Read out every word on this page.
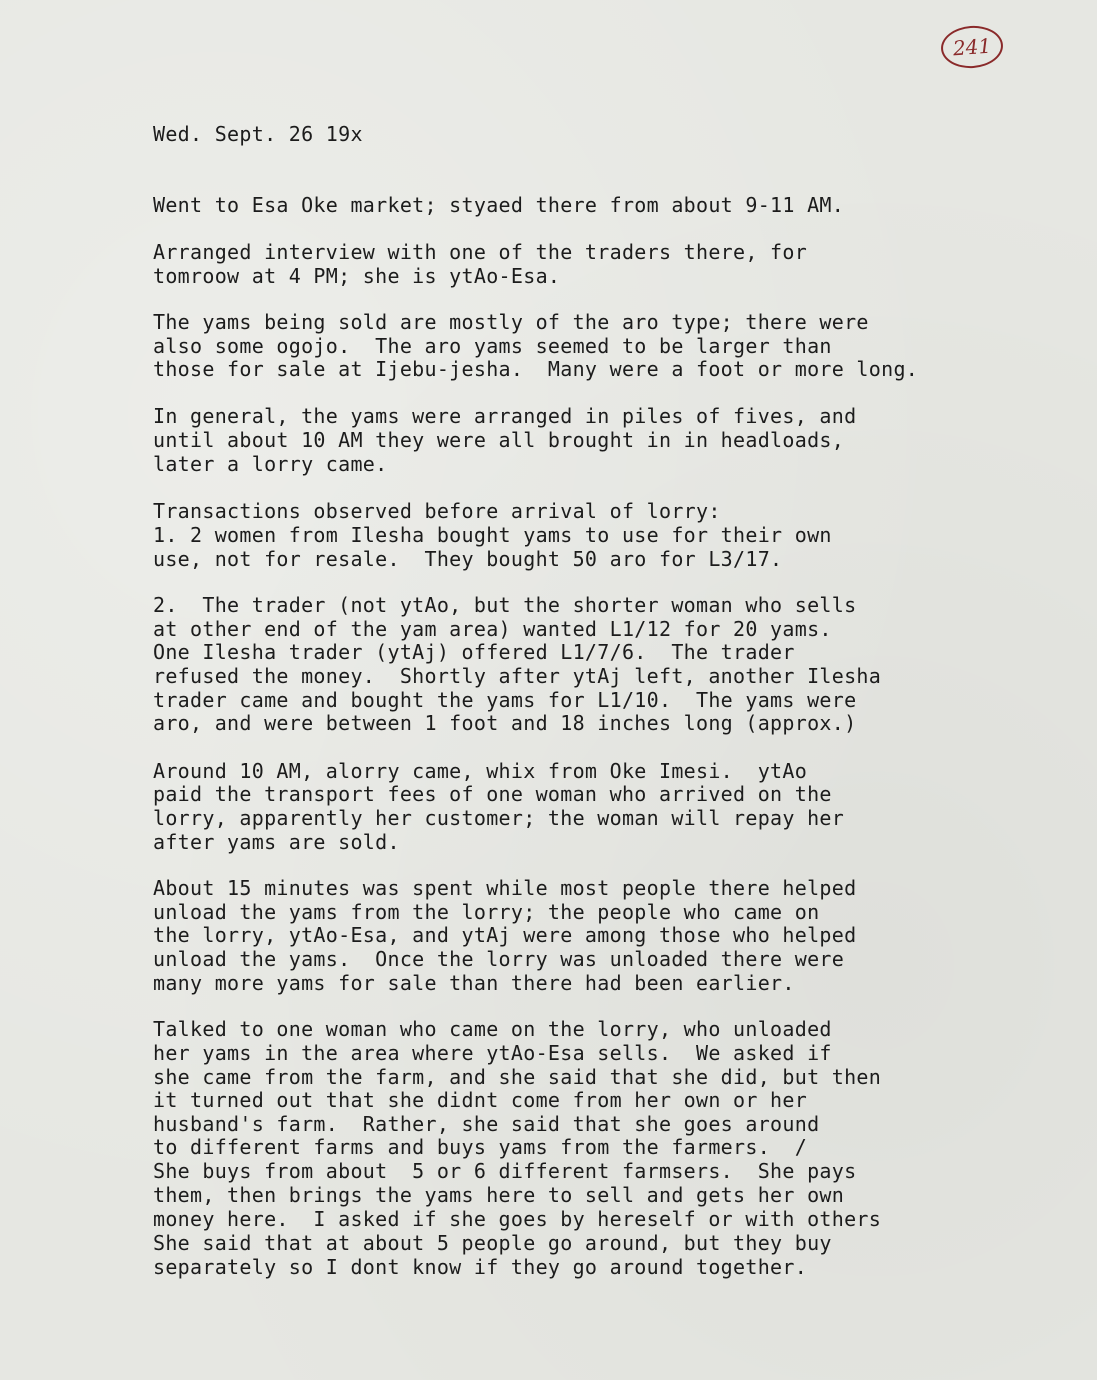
241
Wed. Sept. 26 19x
Went to Esa Oke market; styaed there from about 9-11 AM.
Arranged interview with one of the traders there, for
tomroow at 4 PM; she is ytAo-Esa.
The yams being sold are mostly of the aro type; there were
also some ogojo.  The aro yams seemed to be larger than
those for sale at Ijebu-jesha.  Many were a foot or more long.
In general, the yams were arranged in piles of fives, and
until about 10 AM they were all brought in in headloads,
later a lorry came.
Transactions observed before arrival of lorry:
1. 2 women from Ilesha bought yams to use for their own
use, not for resale.  They bought 50 aro for L3/17.
2.  The trader (not ytAo, but the shorter woman who sells
at other end of the yam area) wanted L1/12 for 20 yams.
One Ilesha trader (ytAj) offered L1/7/6.  The trader
refused the money.  Shortly after ytAj left, another Ilesha
trader came and bought the yams for L1/10.  The yams were
aro, and were between 1 foot and 18 inches long (approx.)
Around 10 AM, alorry came, whix from Oke Imesi.  ytAo
paid the transport fees of one woman who arrived on the
lorry, apparently her customer; the woman will repay her
after yams are sold.
About 15 minutes was spent while most people there helped
unload the yams from the lorry; the people who came on
the lorry, ytAo-Esa, and ytAj were among those who helped
unload the yams.  Once the lorry was unloaded there were
many more yams for sale than there had been earlier.
Talked to one woman who came on the lorry, who unloaded
her yams in the area where ytAo-Esa sells.  We asked if
she came from the farm, and she said that she did, but then
it turned out that she didnt come from her own or her
husband's farm.  Rather, she said that she goes around
to different farms and buys yams from the farmers.  /
She buys from about  5 or 6 different farmsers.  She pays
them, then brings the yams here to sell and gets her own
money here.  I asked if she goes by hereself or with others
She said that at about 5 people go around, but they buy
separately so I dont know if they go around together.
